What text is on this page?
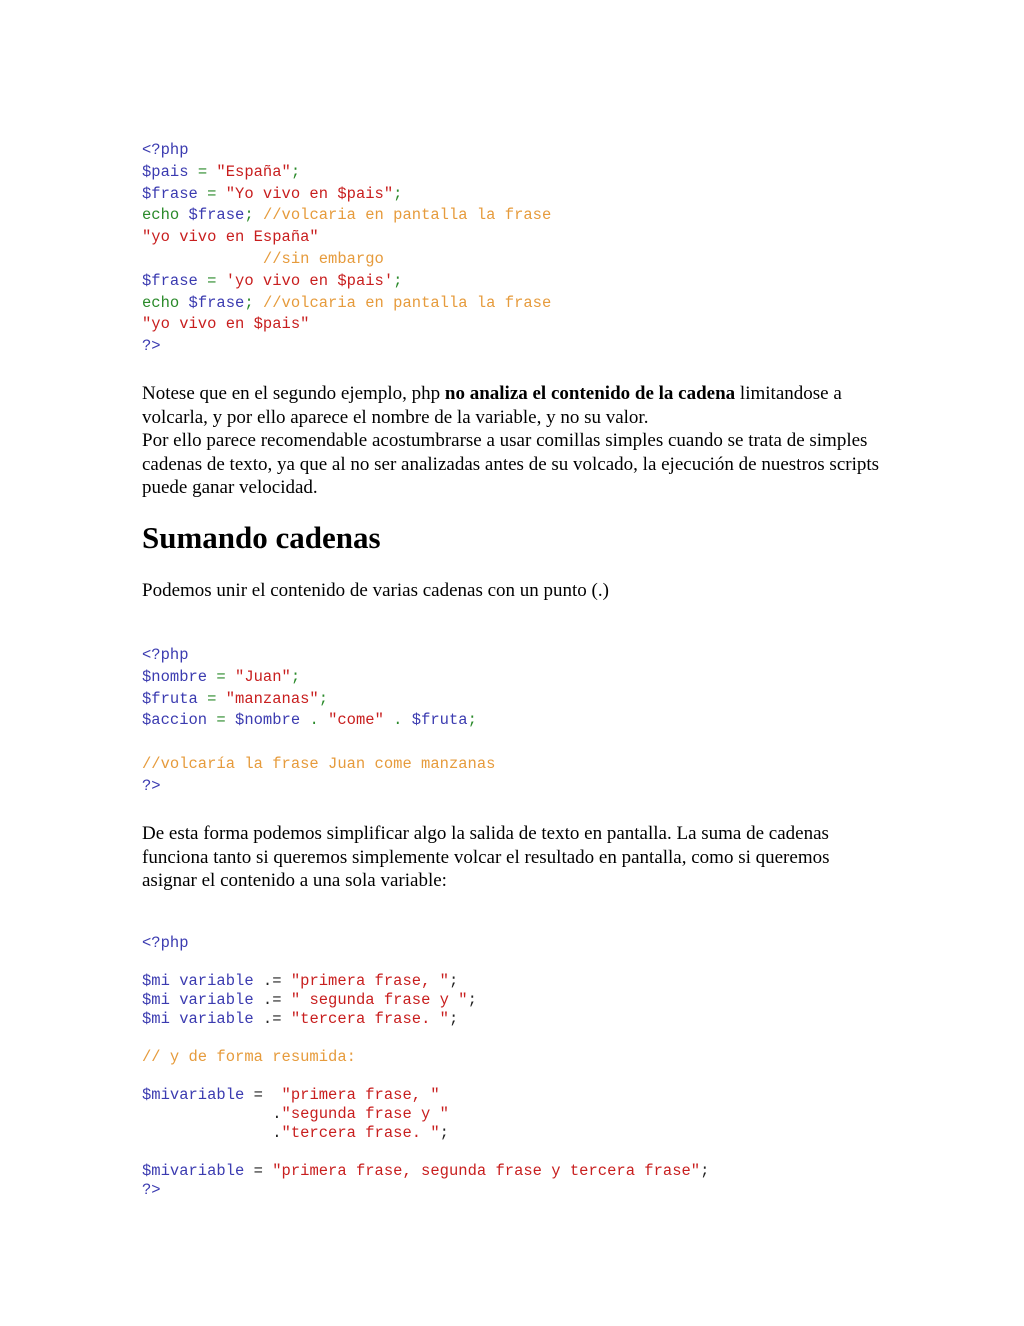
<?php
$pais = "España";
$frase = "Yo vivo en $pais";
echo $frase; //volcaria en pantalla la frase
"yo vivo en España"
//sin embargo
$frase = 'yo vivo en $pais';
echo $frase; //volcaria en pantalla la frase
"yo vivo en $pais"
?>

Notese que en el segundo ejemplo, php no analiza el contenido de la cadena limitandose a volcarla, y por ello aparece el nombre de la variable, y no su valor.
Por ello parece recomendable acostumbrarse a usar comillas simples cuando se trata de simples cadenas de texto, ya que al no ser analizadas antes de su volcado, la ejecución de nuestros scripts puede ganar velocidad.

Sumando cadenas

Podemos unir el contenido de varias cadenas con un punto (.)

<?php
$nombre = "Juan";
$fruta = "manzanas";
$accion = $nombre . "come" . $fruta;
//volcaría la frase Juan come manzanas
?>

De esta forma podemos simplificar algo la salida de texto en pantalla. La suma de cadenas funciona tanto si queremos simplemente volcar el resultado en pantalla, como si queremos asignar el contenido a una sola variable:

<?php
$mi variable .= "primera frase, ";
$mi variable .= " segunda frase y ";
$mi variable .= "tercera frase. ";
// y de forma resumida:
$mivariable =  "primera frase, "
."segunda frase y "
."tercera frase. ";
$mivariable = "primera frase, segunda frase y tercera frase";
?>
